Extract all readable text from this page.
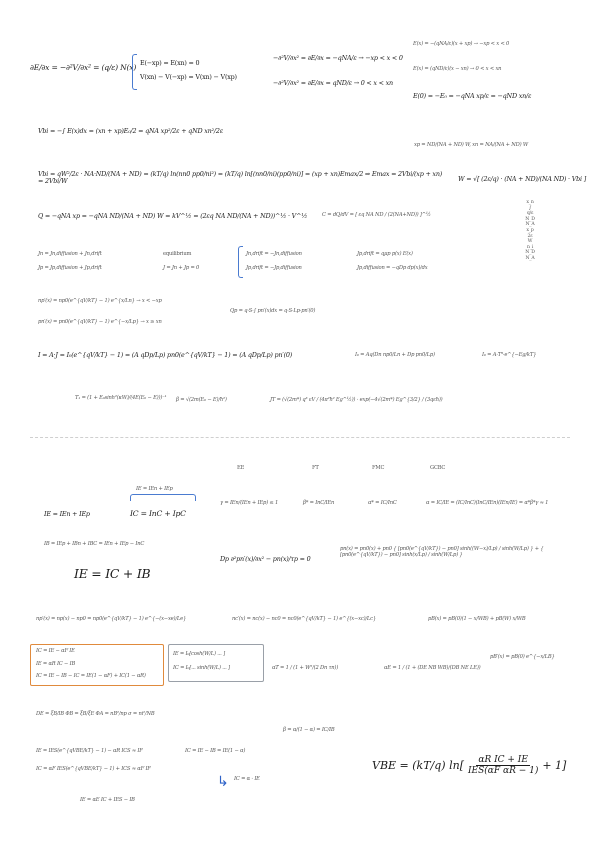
∂E/∂x = −∂²V/∂x² = (q/ε) N(x) E(−xp) = E(xn) = 0
V(xn) − V(−xp) = V(xn) − V(xp)
−∂²V/∂x² = ∂E/∂x = −qNA/ε → −xp < x < 0
−∂²V/∂x² = ∂E/∂x = qND/ε → 0 < x < xn
E(x) = −(qNA/ε)(x + xp) → −xp < x < 0
E(x) = (qND/ε)(x − xn) → 0 < x < xn
E(0) = −E₀ = −qNA xp/ε = −qND xn/ε
Vbi = −∫ E(x)dx = (xn + xp)E₀/2 = qNA xp²/2ε + qND xn²/2ε
xp = ND/(NA + ND) W, xn = NA/(NA + ND) W
Vbi = qW²/2ε · NA·ND/(NA + ND) = (kT/q) ln(nn0 pp0/ni²) = (kT/q) ln[(nn0/ni)(pp0/ni)] = (xp + xn)Emax/2 ⇒ Emax = 2Vbi/(xp + xn) = 2Vbi/W	W = √[ (2ε/q) · (NA + ND)/(NA ND) · Vbi ]
Q = −qNA xp = −qNA ND/(NA + ND) W = kV^½ = (2εq NA ND/(NA + ND))^½ · V^½	C = dQ/dV = [ εq NA ND / (2(NA+ND)) ]^½
Jn = Jn,diffusion + Jn,drift
Jp = Jp,diffusion + Jp,drift
equilibrium
J = Jn + Jp = 0
Jn,drift = −Jn,diffusion
Jp,drift = −Jp,diffusion
Jp,drift = qμp p(x) E(x)
Jp,diffusion = −qDp dp(x)/dx
np′(x) = np0(e^{qV/kT} − 1) e^{x/Ln} → x < −xp
pn′(x) = pn0(e^{qV/kT} − 1) e^{−x/Lp} → x ≥ xn
Qp = q·S·∫ pn′(x)dx = q·S·Lp·pn′(0)
I = A·J = I₀(e^{qV/kT} − 1) = (A qDp/Lp) pn0(e^{qV/kT} − 1) = (A qDp/Lp) pn′(0)	I₀ = Aq(Dn np0/Ln + Dp pn0/Lp)	I₀ = A·T³·e^{−Eg/kT}
T₁ = (1 + E₀sinh²(κW)/(4E(E₀ − E)))⁻¹ β = √(2m(E₀ − E)/ħ²)	JT = (√(2m*) q³ εV / (4π²ħ² Eg^½)) · exp(−4√(2m*) Eg^{3/2} / (3qεħ))
x_n
∫
q/ε
N_D
N_A
x_p
2ε
W
n_i
N_D
N_A
EE	FT	FMC	GCBC
IE = IEn + IEp
IE = IEn + IEp	IC = InC + IpC
γ = IEn/(IEn + IEp) ≤ 1	β* = InC/IEn	α* = IC/InC	α = IC/IE = (IC/InC)(InC/IEn)(IEn/IE) = α*β*γ ≈ 1
IB = IEp + IBn + IBC = IEn + IEp − InC
Dp ∂²pn′(x)/∂x² − pn(x)/τp = 0
pn(x) = pn0(x) + pn0 { [pn0(e^{qV/kT}) − pn0] sinh((W−x)/Lp) / sinh(W/Lp) } + { [pn0(e^{qV/kT}) − pn0] sinh(x/Lp) / sinh(W/Lp) }
IE = IC + IB
np′(x) = np(x) − np0 = np0(e^{qV/kT} − 1) e^{−(x−xe)/Le}	nc′(x) = nc(x) − nc0 = nc0(e^{qV/kT} − 1) e^{(x−xc)/Lc}	pB(x) = pB(0)(1 − x/WB) + pB(W) x/WB
pB′(x) = pB(0) e^{−x/LB}
IC = IE − αF IE
IE = αR IC − IB
IC = IE − IB − IC = IE(1 − αF) + IC(1 − αR)
IE = I₀[cosh(W/L) ... ]
IC = I₀[... sinh(W/L) ... ]	αT = 1 / (1 + W²/(2 Dn τn))	αE = 1 / (1 + (DE NB WB)/(DB NE LE))
DE = ξB/IB ΦB = ξB/ξE ΦA = nB²/np σ = ni²/NB
β = α/(1 − α) = IC/IB
IE = IES(e^{qVBE/kT} − 1) − αR ICS ≈ IF
IC = αF IES(e^{qVBE/kT} − 1) + ICS ≈ αF IF
IC = IE − IB = IE(1 − α)
↳ IC = α · IE
IE = αE IC + IES − IB
VBE = (kT/q) ln[ αR IC + IE
IES(αF αR − 1) + 1]
